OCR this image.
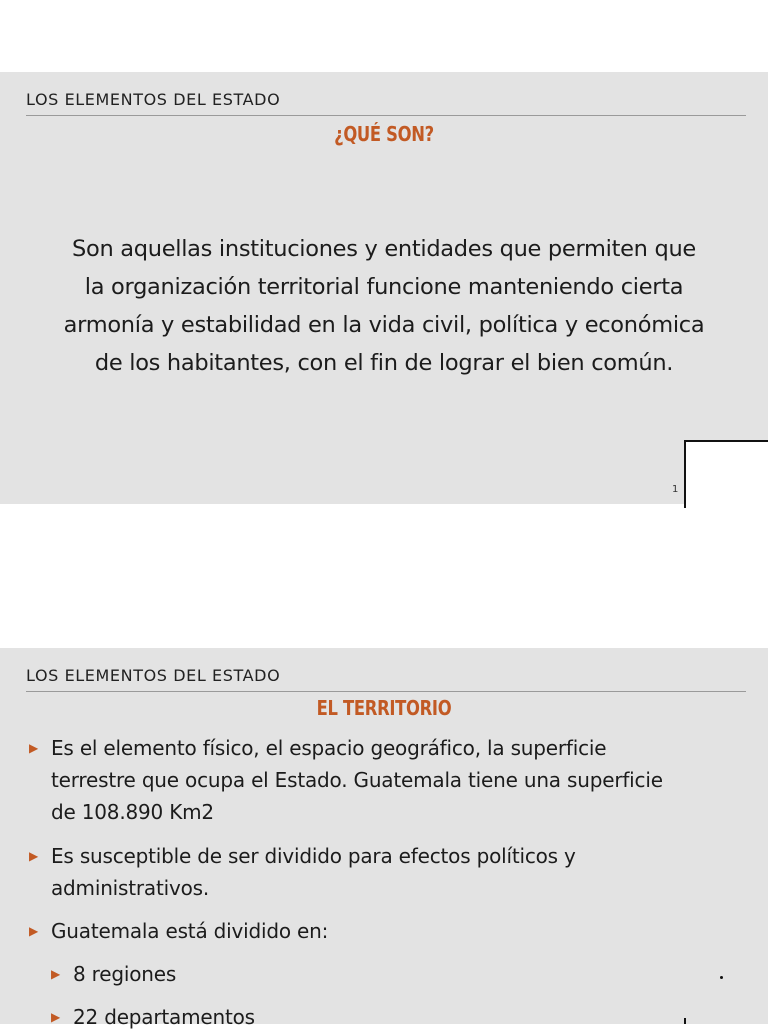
LOS ELEMENTOS DEL ESTADO
¿QUÉ SON?
Son aquellas instituciones y entidades que permiten que
la organización territorial funcione manteniendo cierta
armonía y estabilidad en la vida civil, política y económica
de los habitantes, con el fin de lograr el bien común.
1
LOS ELEMENTOS DEL ESTADO
EL TERRITORIO
▶ Es el elemento físico, el espacio geográfico, la superficie
terrestre que ocupa el Estado. Guatemala tiene una superficie
de 108.890 Km2
▶ Es susceptible de ser dividido para efectos políticos y
administrativos.
▶ Guatemala está dividido en:
▶ 8 regiones
▶ 22 departamentos
